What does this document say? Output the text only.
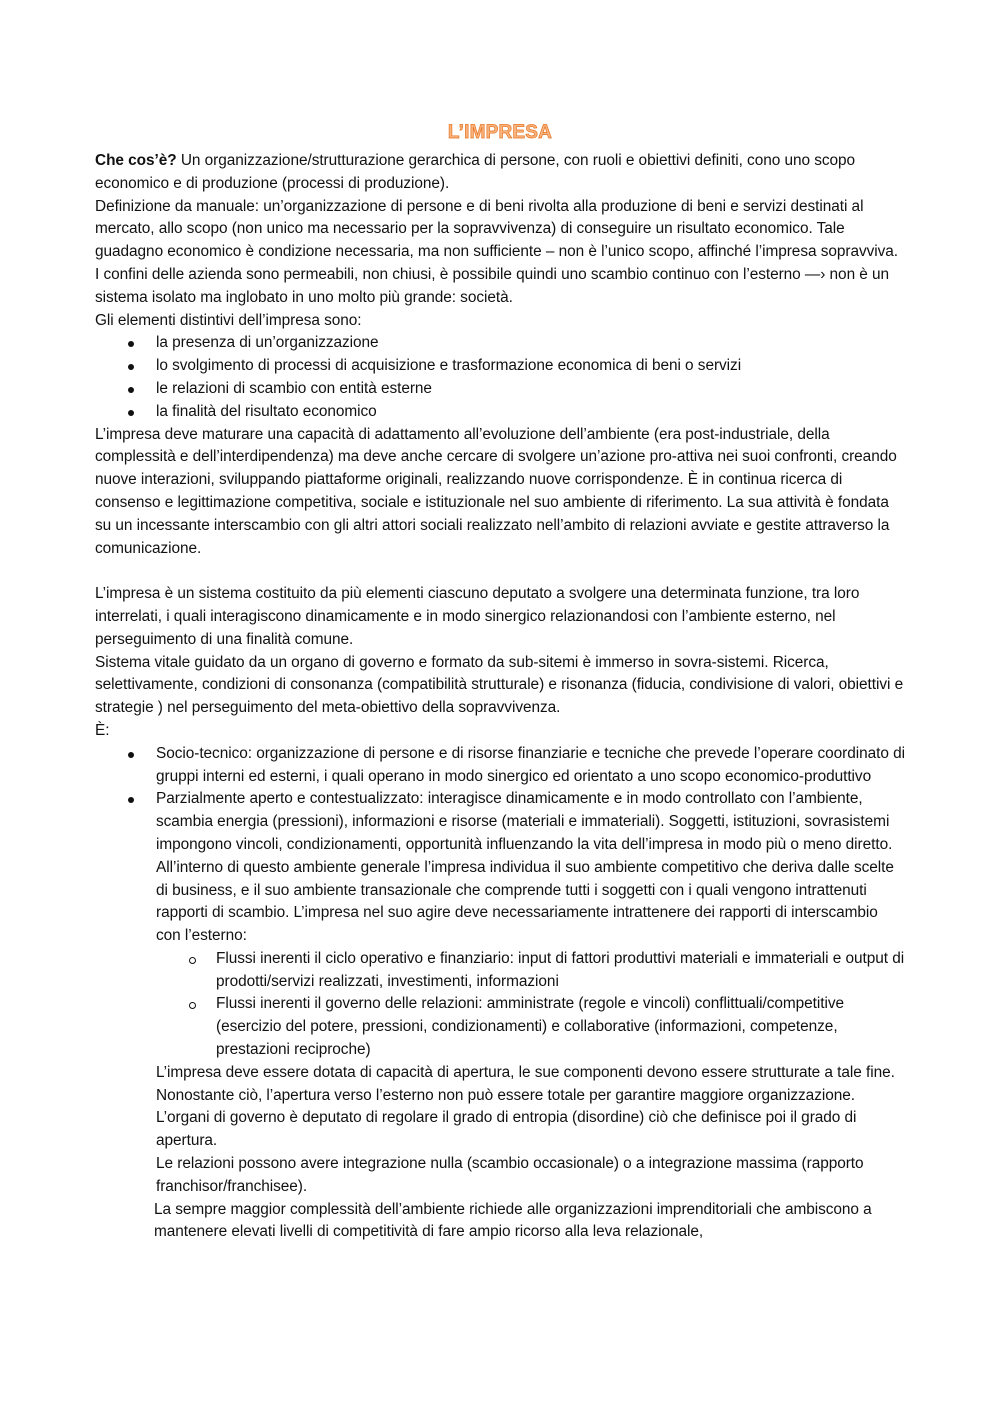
L’IMPRESA

Che cos’è? Un organizzazione/strutturazione gerarchica di persone, con ruoli e obiettivi definiti, cono uno scopo economico e di produzione (processi di produzione).

Definizione da manuale: un’organizzazione di persone e di beni rivolta alla produzione di beni e servizi destinati al mercato, allo scopo (non unico ma necessario per la sopravvivenza) di conseguire un risultato economico. Tale guadagno economico è condizione necessaria, ma non sufficiente – non è l’unico scopo, affinché l’impresa sopravviva.

I confini delle azienda sono permeabili, non chiusi, è possibile quindi uno scambio continuo con l’esterno —› non è un sistema isolato ma inglobato in uno molto più grande: società.

Gli elementi distintivi dell’impresa sono:

la presenza di un’organizzazione
lo svolgimento di processi di acquisizione e trasformazione economica di beni o servizi
le relazioni di scambio con entità esterne
la finalità del risultato economico

L’impresa deve maturare una capacità di adattamento all’evoluzione dell’ambiente (era post-industriale, della complessità e dell’interdipendenza) ma deve anche cercare di svolgere un’azione pro-attiva nei suoi confronti, creando nuove interazioni, sviluppando piattaforme originali, realizzando nuove corrispondenze. È in continua ricerca di consenso e legittimazione competitiva, sociale e istituzionale nel suo ambiente di riferimento. La sua attività è fondata su un incessante interscambio con gli altri attori sociali realizzato nell’ambito di relazioni avviate e gestite attraverso la comunicazione.

L’impresa è un sistema costituito da più elementi ciascuno deputato a svolgere una determinata funzione, tra loro interrelati, i quali interagiscono dinamicamente e in modo sinergico relazionandosi con l’ambiente esterno, nel perseguimento di una finalità comune.

Sistema vitale guidato da un organo di governo e formato da sub-sitemi è immerso in sovra-sistemi. Ricerca, selettivamente, condizioni di consonanza (compatibilità strutturale) e risonanza (fiducia, condivisione di valori, obiettivi e strategie ) nel perseguimento del meta-obiettivo della sopravvivenza.

È:

Socio-tecnico: organizzazione di persone e di risorse finanziarie e tecniche che prevede l’operare coordinato di gruppi interni ed esterni, i quali operano in modo sinergico ed orientato a uno scopo economico-produttivo
Parzialmente aperto e contestualizzato: interagisce dinamicamente e in modo controllato con l’ambiente, scambia energia (pressioni), informazioni e risorse (materiali e immateriali). Soggetti, istituzioni, sovrasistemi impongono vincoli, condizionamenti, opportunità influenzando la vita dell’impresa in modo più o meno diretto. All’interno di questo ambiente generale l’impresa individua il suo ambiente competitivo che deriva dalle scelte di business, e il suo ambiente transazionale che comprende tutti i soggetti con i quali vengono intrattenuti rapporti di scambio. L’impresa nel suo agire deve necessariamente intrattenere dei rapporti di interscambio con l’esterno:
Flussi inerenti il ciclo operativo e finanziario: input di fattori produttivi materiali e immateriali e output di prodotti/servizi realizzati, investimenti, informazioni
Flussi inerenti il governo delle relazioni: amministrate (regole e vincoli) conflittuali/competitive (esercizio del potere, pressioni, condizionamenti) e collaborative (informazioni, competenze, prestazioni reciproche)

L’impresa deve essere dotata di capacità di apertura, le sue componenti devono essere strutturate a tale fine. Nonostante ciò, l’apertura verso l’esterno non può essere totale per garantire maggiore organizzazione. L’organi di governo è deputato di regolare il grado di entropia (disordine) ciò che definisce poi il grado di apertura.

Le relazioni possono avere integrazione nulla (scambio occasionale) o a integrazione massima (rapporto franchisor/franchisee).

La sempre maggior complessità dell’ambiente richiede alle organizzazioni imprenditoriali che ambiscono a mantenere elevati livelli di competitività di fare ampio ricorso alla leva relazionale,
